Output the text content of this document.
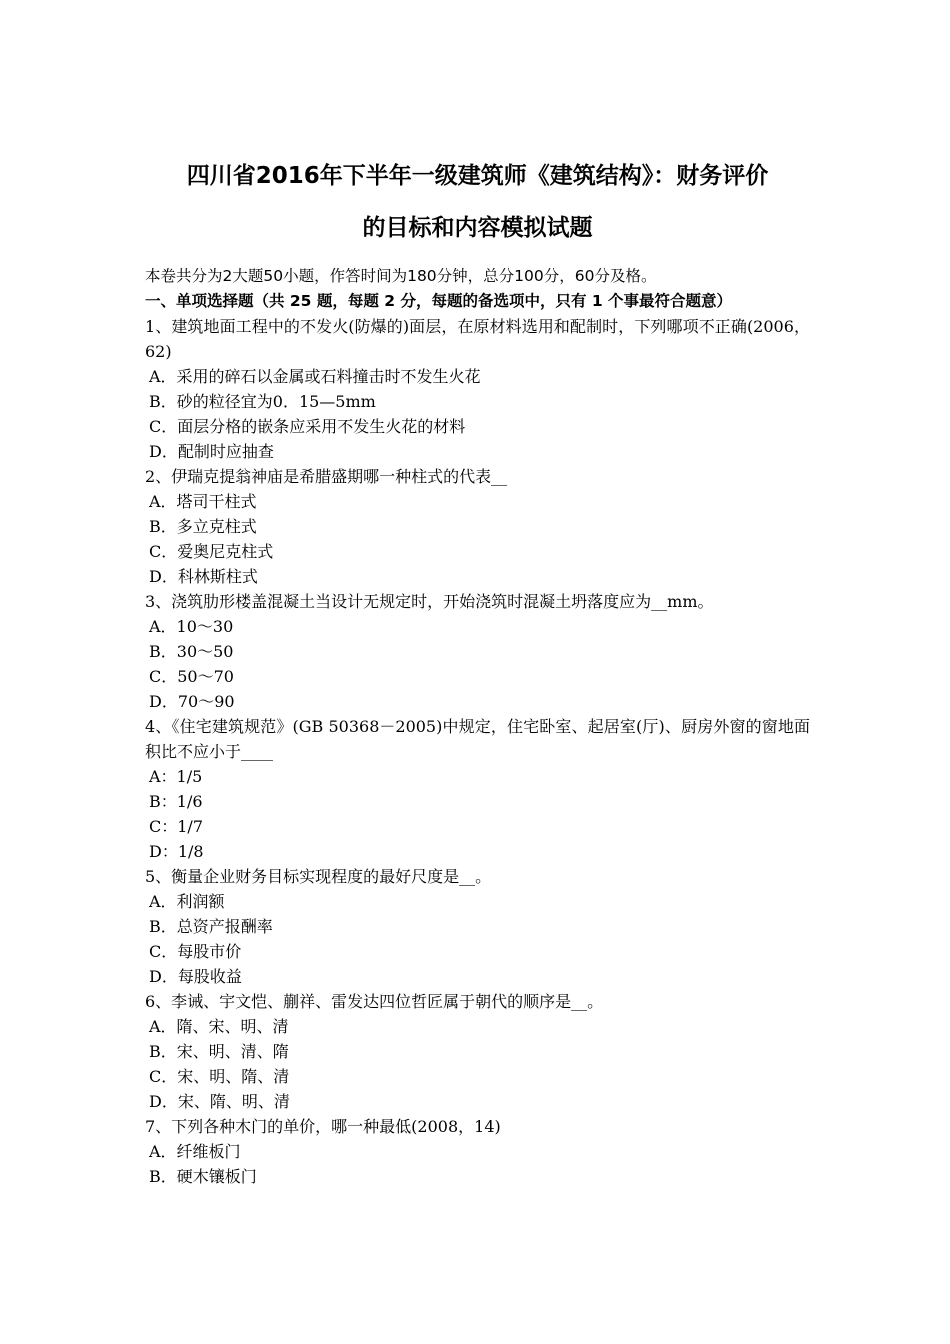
四川省2016年下半年一级建筑师《建筑结构》：财务评价
的目标和内容模拟试题
本卷共分为2大题50小题，作答时间为180分钟，总分100分，60分及格。
一、单项选择题（共 25 题，每题 2 分，每题的备选项中，只有 1 个事最符合题意）
1、建筑地面工程中的不发火(防爆的)面层，在原材料选用和配制时，下列哪项不正确(2006，62)
A．采用的碎石以金属或石料撞击时不发生火花
B．砂的粒径宜为0．15—5mm
C．面层分格的嵌条应采用不发生火花的材料
D．配制时应抽查
2、伊瑞克提翁神庙是希腊盛期哪一种柱式的代表__
A．塔司干柱式
B．多立克柱式
C．爱奥尼克柱式
D．科林斯柱式
3、浇筑肋形楼盖混凝土当设计无规定时，开始浇筑时混凝土坍落度应为__mm。
A．10～30
B．30～50
C．50～70
D．70～90
4、《住宅建筑规范》(GB 50368－2005)中规定，住宅卧室、起居室(厅)、厨房外窗的窗地面积比不应小于____
A：1/5
B：1/6
C：1/7
D：1/8
5、衡量企业财务目标实现程度的最好尺度是__。
A．利润额
B．总资产报酬率
C．每股市价
D．每股收益
6、李诫、宇文恺、蒯祥、雷发达四位哲匠属于朝代的顺序是__。
A．隋、宋、明、清
B．宋、明、清、隋
C．宋、明、隋、清
D．宋、隋、明、清
7、下列各种木门的单价，哪一种最低(2008，14)
A．纤维板门
B．硬木镶板门
